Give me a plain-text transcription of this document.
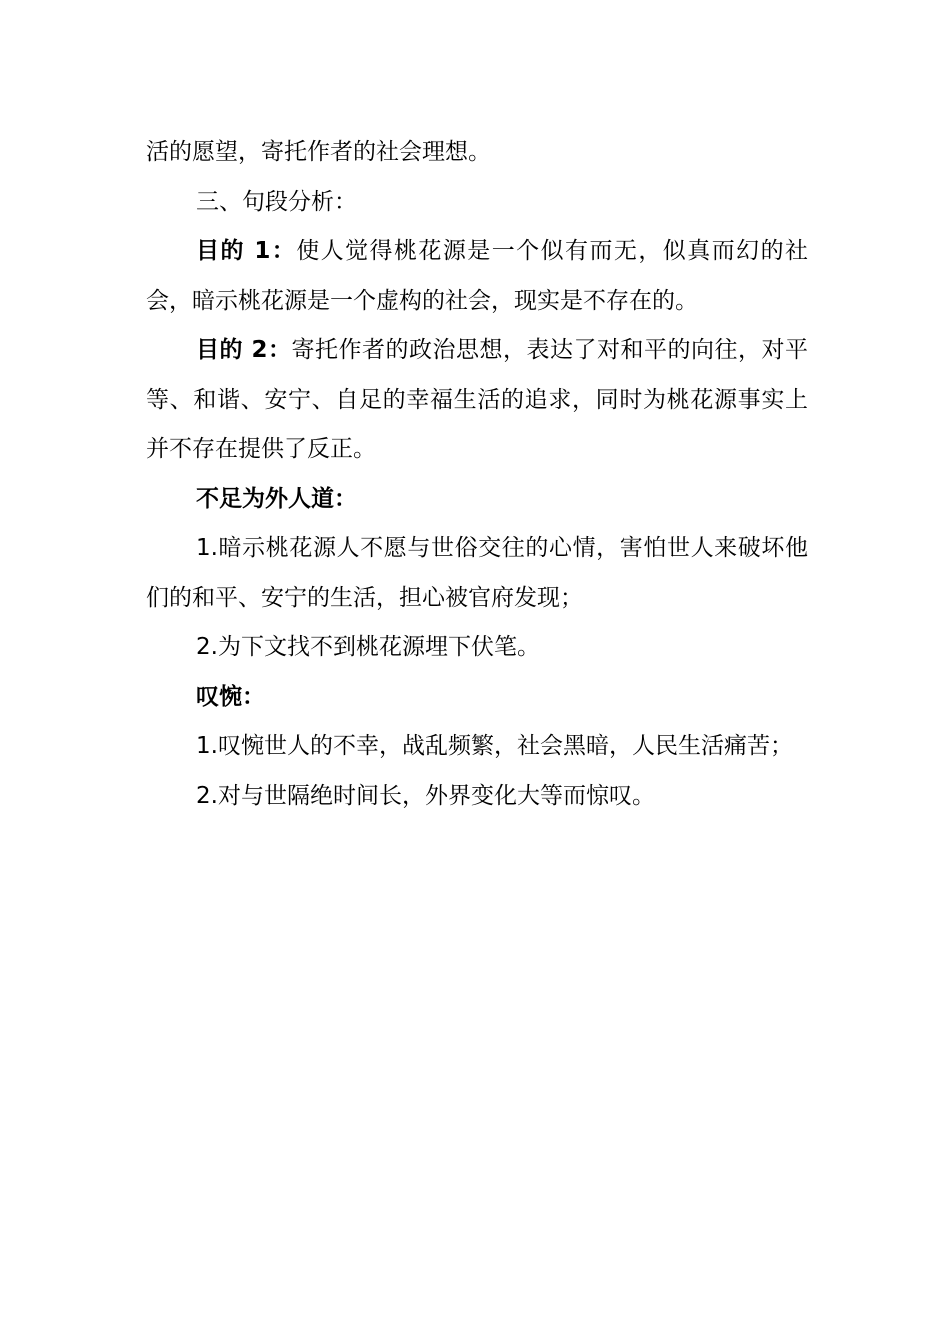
活的愿望，寄托作者的社会理想。

三、句段分析：

目的 1：使人觉得桃花源是一个似有而无，似真而幻的社会，暗示桃花源是一个虚构的社会，现实是不存在的。

目的 2：寄托作者的政治思想，表达了对和平的向往，对平等、和谐、安宁、自足的幸福生活的追求，同时为桃花源事实上并不存在提供了反正。

不足为外人道：

1.暗示桃花源人不愿与世俗交往的心情，害怕世人来破坏他们的和平、安宁的生活，担心被官府发现；

2.为下文找不到桃花源埋下伏笔。

叹惋：

1.叹惋世人的不幸，战乱频繁，社会黑暗，人民生活痛苦；

2.对与世隔绝时间长，外界变化大等而惊叹。
